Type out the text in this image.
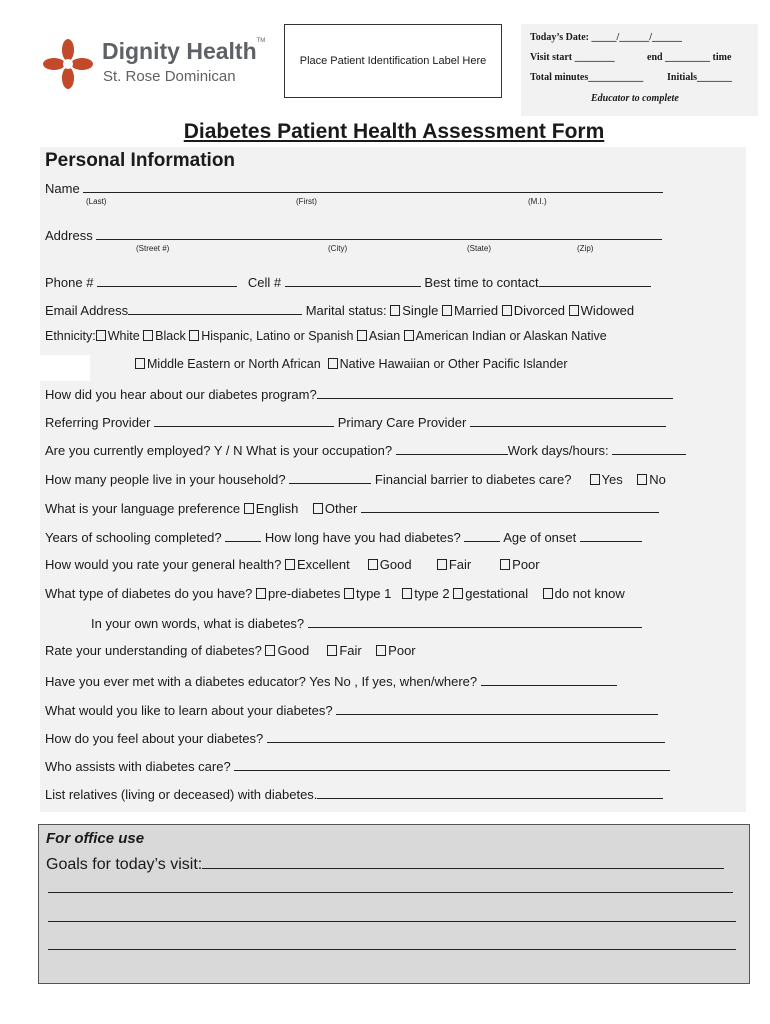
Dignity Health™
St. Rose Dominican
Place Patient Identification Label Here
Today’s Date: _____/______/______
Visit start ________	end _________ time
Total minutes___________ Initials_______
Educator to complete
Diabetes Patient Health Assessment Form
Personal Information
Name
(Last)	(First)	(M.I.)
Address
(Street #)	(City)	(State)	(Zip)
Phone #	Cell #	Best time to contact
Email Address	Marital status: Single Married Divorced Widowed
Ethnicity: White Black Hispanic, Latino or Spanish Asian American Indian or Alaskan Native
Middle Eastern or North African Native Hawaiian or Other Pacific Islander
How did you hear about our diabetes program?
Referring Provider	Primary Care Provider
Are you currently employed? Y / N What is your occupation?	Work days/hours:
How many people live in your household?	Financial barrier to diabetes care? Yes No
What is your language preference English Other
Years of schooling completed?	How long have you had diabetes?	Age of onset
How would you rate your general health? Excellent Good	Fair	Poor
What type of diabetes do you have? pre-diabetes type 1 type 2 gestational do not know
In your own words, what is diabetes?
Rate your understanding of diabetes? Good Fair Poor
Have you ever met with a diabetes educator? Yes No , If yes, when/where?
What would you like to learn about your diabetes?
How do you feel about your diabetes?
Who assists with diabetes care?
List relatives (living or deceased) with diabetes.
For office use
Goals for today’s visit:
